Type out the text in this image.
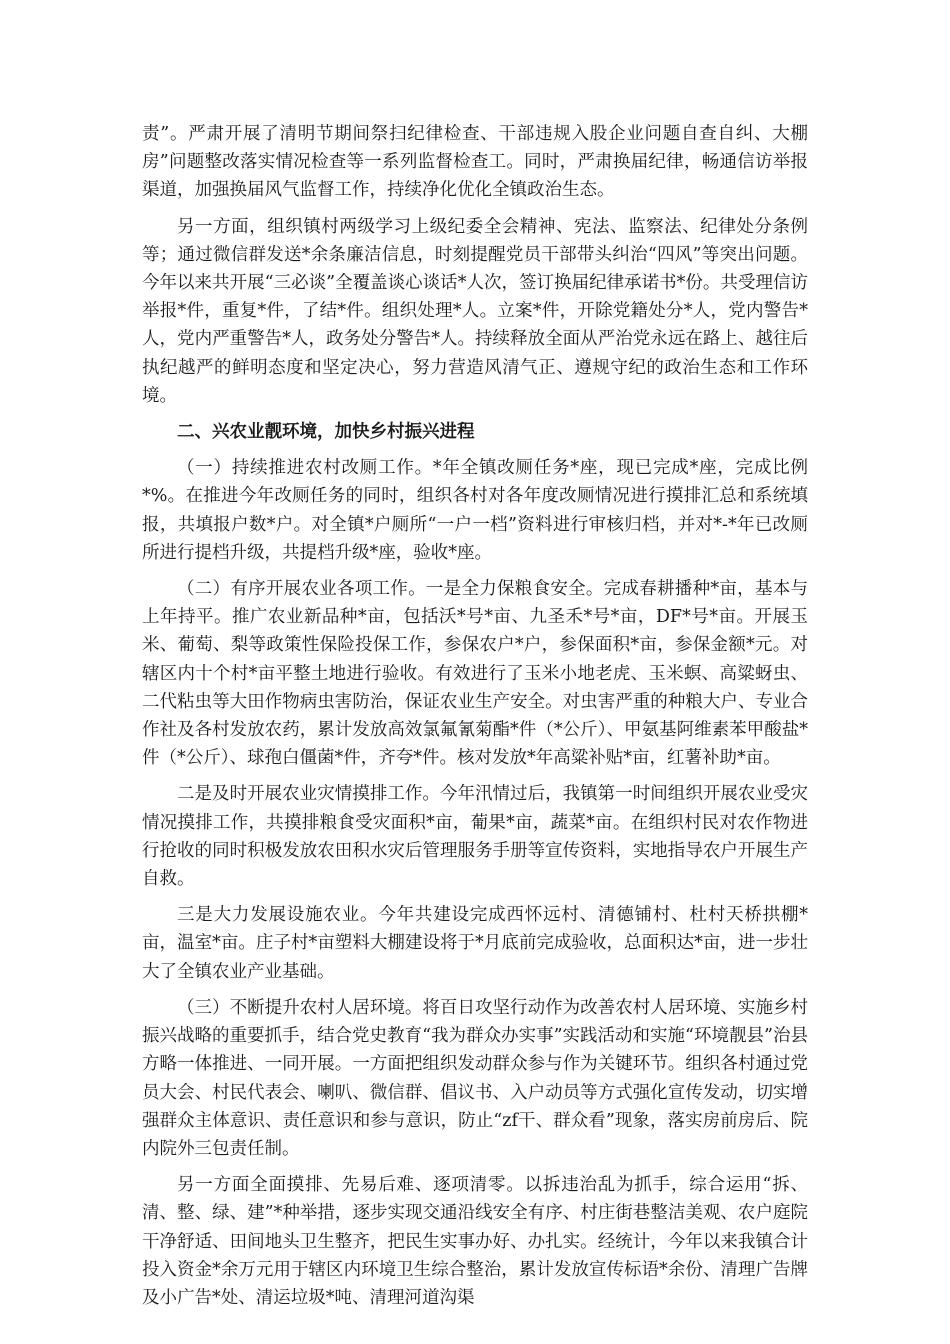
责”。严肃开展了清明节期间祭扫纪律检查、干部违规入股企业问题自查自纠、大棚房”问题整改落实情况检查等一系列监督检查工。同时，严肃换届纪律，畅通信访举报渠道，加强换届风气监督工作，持续净化优化全镇政治生态。

另一方面，组织镇村两级学习上级纪委全会精神、宪法、监察法、纪律处分条例等；通过微信群发送*余条廉洁信息，时刻提醒党员干部带头纠治“四风”等突出问题。今年以来共开展“三必谈”全覆盖谈心谈话*人次，签订换届纪律承诺书*份。共受理信访举报*件，重复*件，了结*件。组织处理*人。立案*件，开除党籍处分*人，党内警告*人，党内严重警告*人，政务处分警告*人。持续释放全面从严治党永远在路上、越往后执纪越严的鲜明态度和坚定决心，努力营造风清气正、遵规守纪的政治生态和工作环境。

二、兴农业靓环境，加快乡村振兴进程

（一）持续推进农村改厕工作。*年全镇改厕任务*座，现已完成*座，完成比例*%。在推进今年改厕任务的同时，组织各村对各年度改厕情况进行摸排汇总和系统填报，共填报户数*户。对全镇*户厕所“一户一档”资料进行审核归档，并对*-*年已改厕所进行提档升级，共提档升级*座，验收*座。

（二）有序开展农业各项工作。一是全力保粮食安全。完成春耕播种*亩，基本与上年持平。推广农业新品种*亩，包括沃*号*亩、九圣禾*号*亩，DF*号*亩。开展玉米、葡萄、梨等政策性保险投保工作，参保农户*户，参保面积*亩，参保金额*元。对辖区内十个村*亩平整土地进行验收。有效进行了玉米小地老虎、玉米螟、高粱蚜虫、二代粘虫等大田作物病虫害防治，保证农业生产安全。对虫害严重的种粮大户、专业合作社及各村发放农药，累计发放高效氯氟氰菊酯*件（*公斤）、甲氨基阿维素苯甲酸盐*件（*公斤）、球孢白僵菌*件，齐夸*件。核对发放*年高粱补贴*亩，红薯补助*亩。

二是及时开展农业灾情摸排工作。今年汛情过后，我镇第一时间组织开展农业受灾情况摸排工作，共摸排粮食受灾面积*亩，葡果*亩，蔬菜*亩。在组织村民对农作物进行抢收的同时积极发放农田积水灾后管理服务手册等宣传资料，实地指导农户开展生产自救。

三是大力发展设施农业。今年共建设完成西怀远村、清德铺村、杜村天桥拱棚*亩，温室*亩。庄子村*亩塑料大棚建设将于*月底前完成验收，总面积达*亩，进一步壮大了全镇农业产业基础。

（三）不断提升农村人居环境。将百日攻坚行动作为改善农村人居环境、实施乡村振兴战略的重要抓手，结合党史教育“我为群众办实事”实践活动和实施“环境靓县”治县方略一体推进、一同开展。一方面把组织发动群众参与作为关键环节。组织各村通过党员大会、村民代表会、喇叭、微信群、倡议书、入户动员等方式强化宣传发动，切实增强群众主体意识、责任意识和参与意识，防止“zf干、群众看”现象，落实房前房后、院内院外三包责任制。

另一方面全面摸排、先易后难、逐项清零。以拆违治乱为抓手，综合运用“拆、清、整、绿、建”*种举措，逐步实现交通沿线安全有序、村庄街巷整洁美观、农户庭院干净舒适、田间地头卫生整齐，把民生实事办好、办扎实。经统计，今年以来我镇合计投入资金*余万元用于辖区内环境卫生综合整治，累计发放宣传标语*余份、清理广告牌及小广告*处、清运垃圾*吨、清理河道沟渠
